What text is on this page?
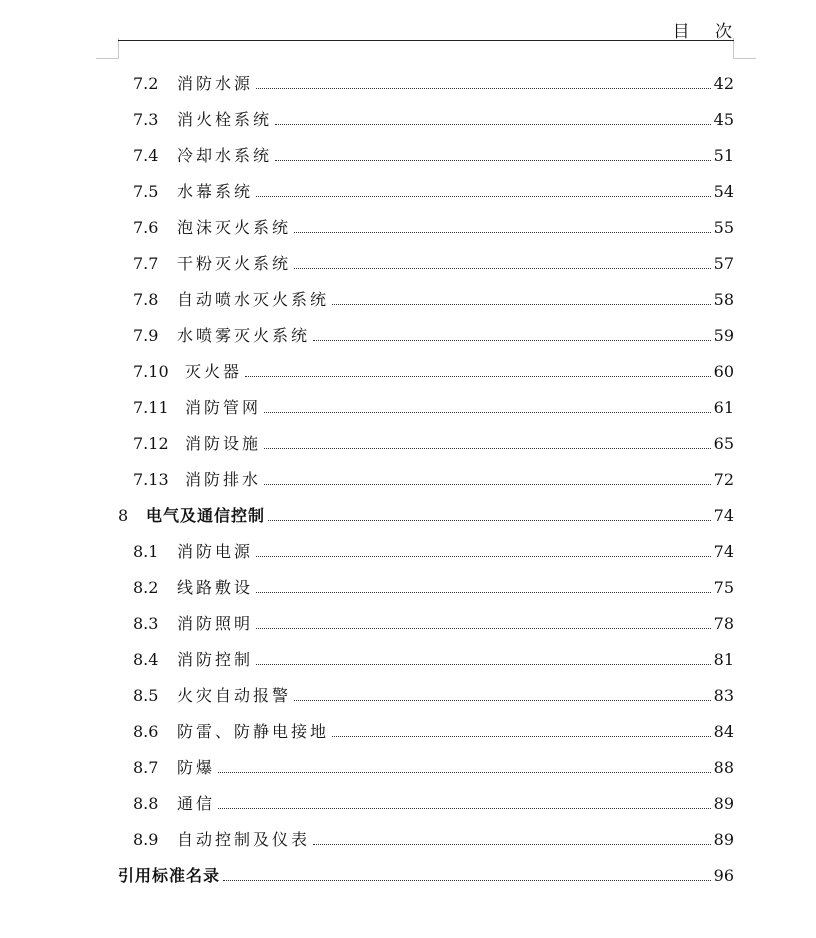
目 次
7.2	消防水源	42
7.3	消火栓系统	45
7.4	冷却水系统	51
7.5	水幕系统	54
7.6	泡沫灭火系统	55
7.7	干粉灭火系统	57
7.8	自动喷水灭火系统	58
7.9	水喷雾灭火系统	59
7.10	灭火器	60
7.11	消防管网	61
7.12	消防设施	65
7.13	消防排水	72
8	电气及通信控制	74
8.1	消防电源	74
8.2	线路敷设	75
8.3	消防照明	78
8.4	消防控制	81
8.5	火灾自动报警	83
8.6	防雷、防静电接地	84
8.7	防爆	88
8.8	通信	89
8.9	自动控制及仪表	89
引用标准名录	96
